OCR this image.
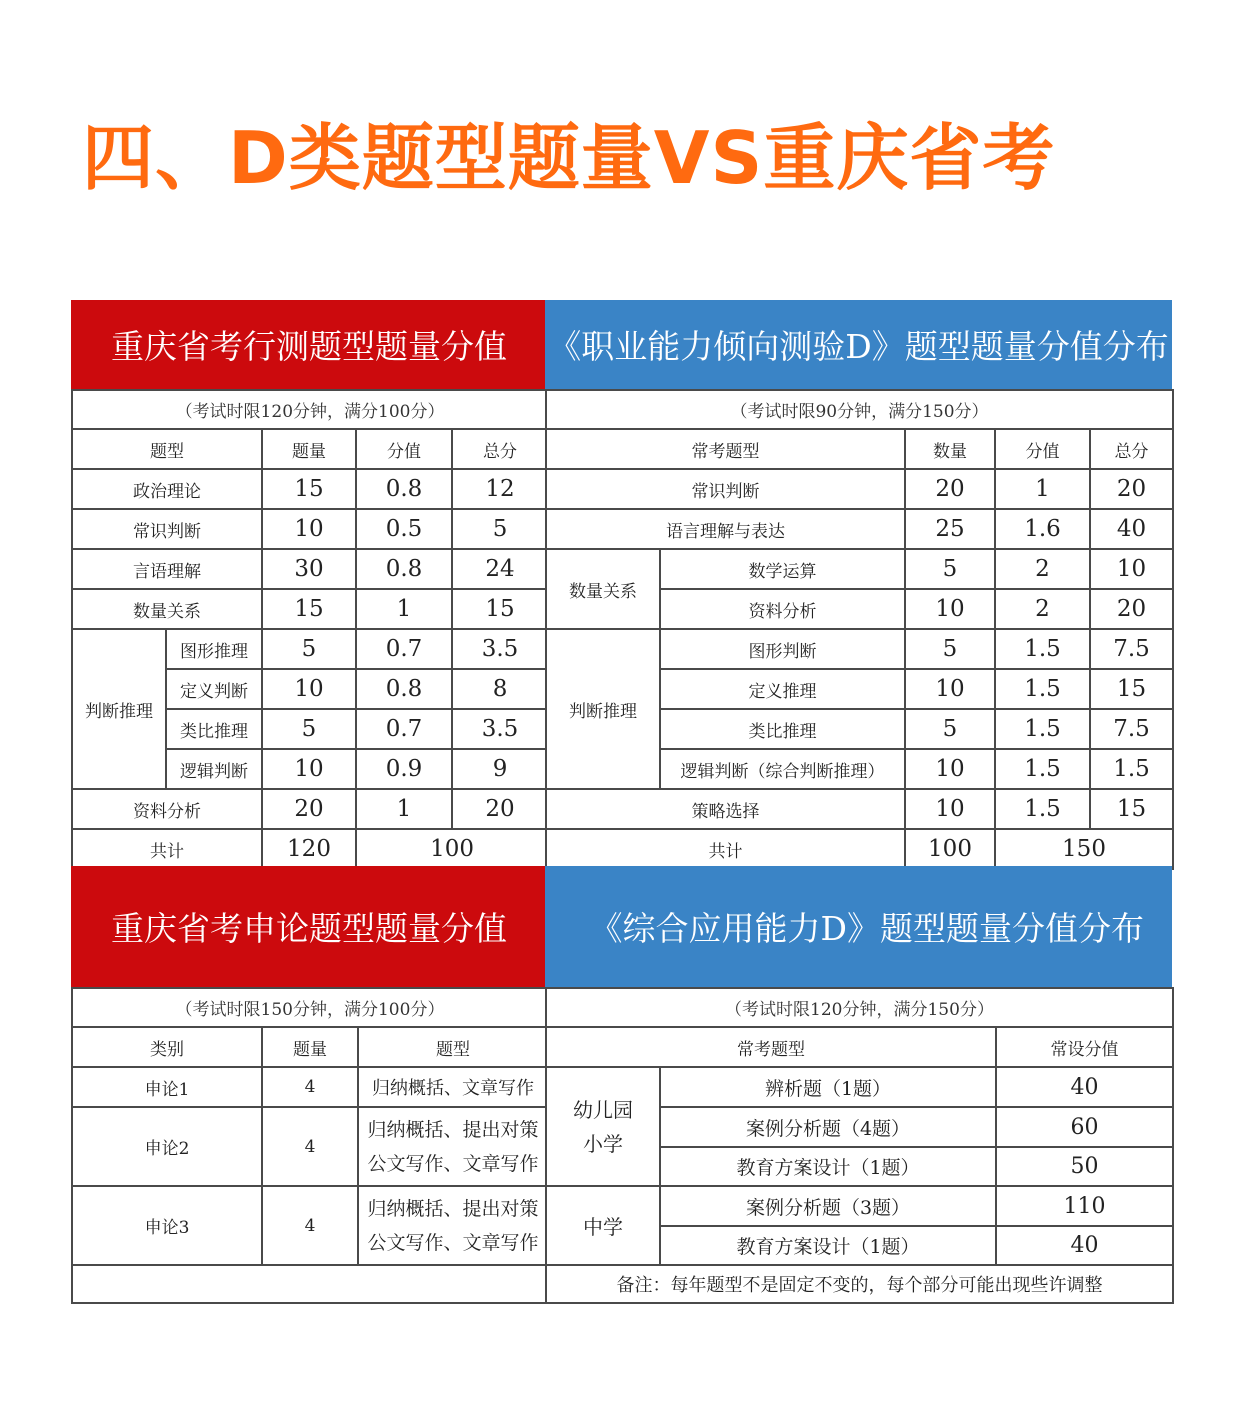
四、D类题型题量VS重庆省考
重庆省考行测题型题量分值
（考试时限120分钟，满分100分）				
题型		题量	分值	总分
政治理论		15	0.8	12
常识判断		10	0.5	5
言语理解		30	0.8	24
数量关系		15	1	15
判断推理	图形推理	5	0.7	3.5
	定义判断	10	0.8	8
	类比推理	5	0.7	3.5
	逻辑判断	10	0.9	9
资料分析		20	1	20
共计		120	100	
《职业能力倾向测验D》题型题量分值分布
（考试时限90分钟，满分150分）				
常考题型		数量	分值	总分
常识判断		20	1	20
语言理解与表达		25	1.6	40
数量关系	数学运算	5	2	10
	资料分析	10	2	20
判断推理	图形判断	5	1.5	7.5
	定义推理	10	1.5	15
	类比推理	5	1.5	7.5
	逻辑判断（综合判断推理）	10	1.5	1.5
策略选择		10	1.5	15
共计		100	150	
重庆省考申论题型题量分值
（考试时限150分钟，满分100分）		
类别	题量	题型
申论1	4	归纳概括、文章写作
申论2	4	归纳概括、提出对策 公文写作、文章写作
申论3	4	归纳概括、提出对策 公文写作、文章写作

《综合应用能力D》题型题量分值分布
（考试时限120分钟，满分150分）		
常考题型		常设分值
幼儿园 小学	辨析题（1题）	40
	案例分析题（4题）	60
	教育方案设计（1题）	50
中学	案例分析题（3题）	110
	教育方案设计（1题）	40
备注：每年题型不是固定不变的，每个部分可能出现些许调整		
